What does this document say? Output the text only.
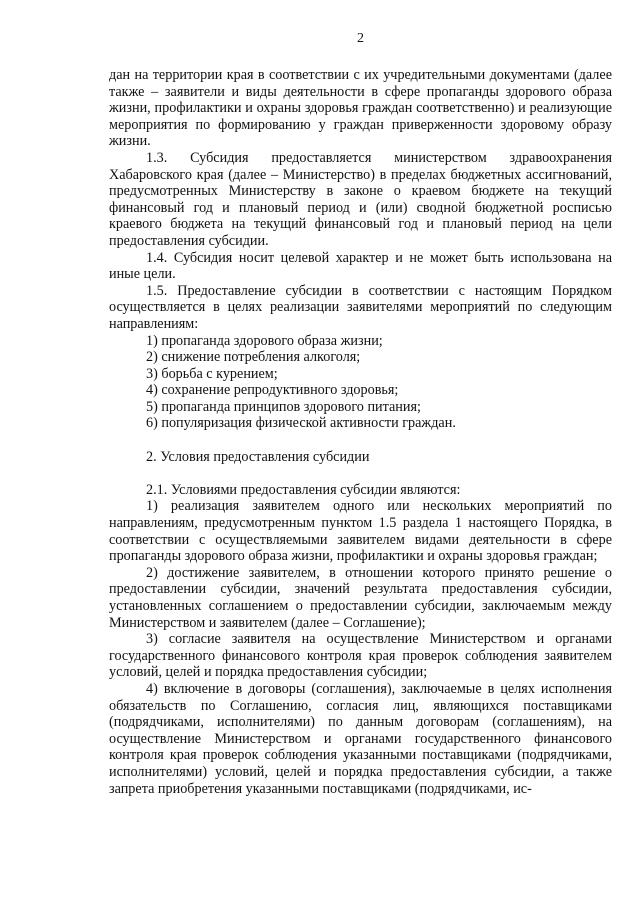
2

дан на территории края в соответствии с их учредительными документами (далее также – заявители и виды деятельности в сфере пропаганды здорового образа жизни, профилактики и охраны здоровья граждан соответственно) и реализующие мероприятия по формированию у граждан приверженности здоровому образу жизни.

1.3. Субсидия предоставляется министерством здравоохранения Хабаровского края (далее – Министерство) в пределах бюджетных ассигнований, предусмотренных Министерству в законе о краевом бюджете на текущий финансовый год и плановый период и (или) сводной бюджетной росписью краевого бюджета на текущий финансовый год и плановый период на цели предоставления субсидии.

1.4. Субсидия носит целевой характер и не может быть использована на иные цели.

1.5. Предоставление субсидии в соответствии с настоящим Порядком осуществляется в целях реализации заявителями мероприятий по следующим направлениям:

1) пропаганда здорового образа жизни;

2) снижение потребления алкоголя;

3) борьба с курением;

4) сохранение репродуктивного здоровья;

5) пропаганда принципов здорового питания;

6) популяризация физической активности граждан.

2. Условия предоставления субсидии

2.1. Условиями предоставления субсидии являются:

1) реализация заявителем одного или нескольких мероприятий по направлениям, предусмотренным пунктом 1.5 раздела 1 настоящего Порядка, в соответствии с осуществляемыми заявителем видами деятельности в сфере пропаганды здорового образа жизни, профилактики и охраны здоровья граждан;

2) достижение заявителем, в отношении которого принято решение о предоставлении субсидии, значений результата предоставления субсидии, установленных соглашением о предоставлении субсидии, заключаемым между Министерством и заявителем (далее – Соглашение);

3) согласие заявителя на осуществление Министерством и органами государственного финансового контроля края проверок соблюдения заявителем условий, целей и порядка предоставления субсидии;

4) включение в договоры (соглашения), заключаемые в целях исполнения обязательств по Соглашению, согласия лиц, являющихся поставщиками (подрядчиками, исполнителями) по данным договорам (соглашениям), на осуществление Министерством и органами государственного финансового контроля края проверок соблюдения указанными поставщиками (подрядчиками, исполнителями) условий, целей и порядка предоставления субсидии, а также запрета приобретения указанными поставщиками (подрядчиками, ис-
